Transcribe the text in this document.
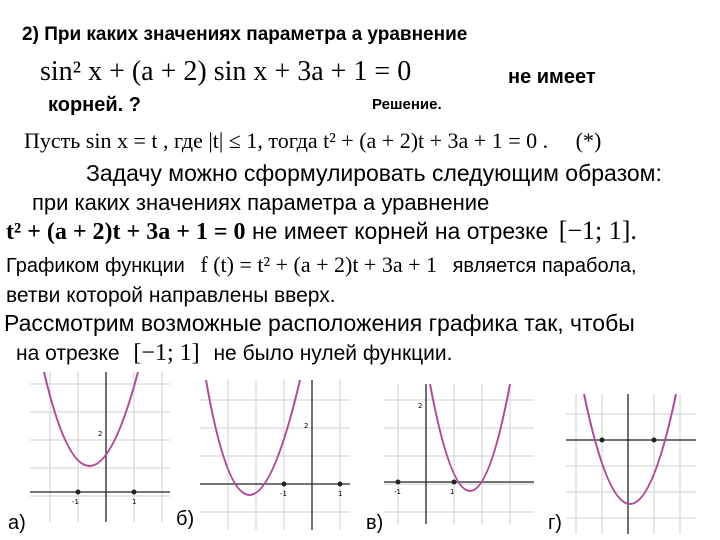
2) При каких значениях параметра а уравнение
sin² x + (a + 2) sin x + 3a + 1 = 0	не имеет
корней. ?	Решение.
Пусть sin x = t , где |t| ≤ 1, тогда t² + (a + 2)t + 3a + 1 = 0 . (*)
Задачу можно сформулировать следующим образом:
при каких значениях параметра а уравнение
t² + (a + 2)t + 3a + 1 = 0 не имеет корней на отрезке [−1; 1].
Графиком функции f (t) = t² + (a + 2)t + 3a + 1 является парабола,
ветви которой направлены вверх.
Рассмотрим возможные расположения графика так, чтобы
на отрезке [−1; 1] не было нулей функции.
2
-1	1
а)
2
-1	1
б)
2
-1	1
в)	г)
